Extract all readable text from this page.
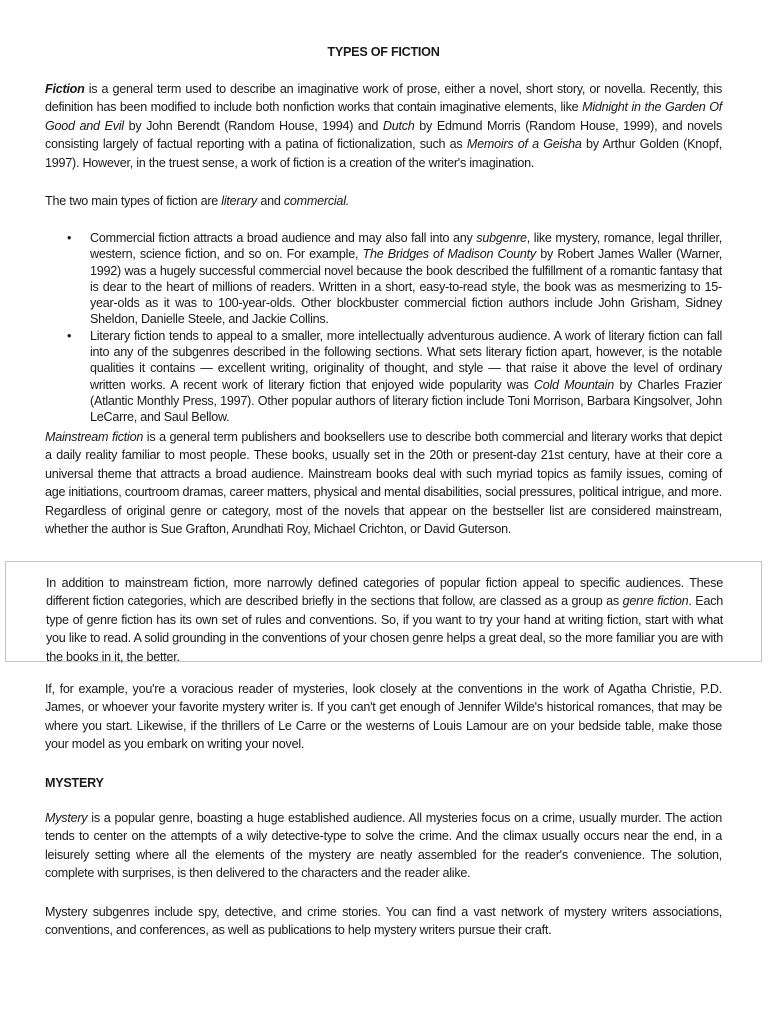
TYPES OF FICTION

Fiction is a general term used to describe an imaginative work of prose, either a novel, short story, or novella. Recently, this definition has been modified to include both nonfiction works that contain imaginative elements, like Midnight in the Garden Of Good and Evil by John Berendt (Random House, 1994) and Dutch by Edmund Morris (Random House, 1999), and novels consisting largely of factual reporting with a patina of fictionalization, such as Memoirs of a Geisha by Arthur Golden (Knopf, 1997). However, in the truest sense, a work of fiction is a creation of the writer's imagination.

The two main types of fiction are literary and commercial.

• Commercial fiction attracts a broad audience and may also fall into any subgenre, like mystery, romance, legal thriller, western, science fiction, and so on. For example, The Bridges of Madison County by Robert James Waller (Warner, 1992) was a hugely successful commercial novel because the book described the fulfillment of a romantic fantasy that is dear to the heart of millions of readers. Written in a short, easy-to-read style, the book was as mesmerizing to 15-year-olds as it was to 100-year-olds. Other blockbuster commercial fiction authors include John Grisham, Sidney Sheldon, Danielle Steele, and Jackie Collins.
• Literary fiction tends to appeal to a smaller, more intellectually adventurous audience. A work of literary fiction can fall into any of the subgenres described in the following sections. What sets literary fiction apart, however, is the notable qualities it contains — excellent writing, originality of thought, and style — that raise it above the level of ordinary written works. A recent work of literary fiction that enjoyed wide popularity was Cold Mountain by Charles Frazier (Atlantic Monthly Press, 1997). Other popular authors of literary fiction include Toni Morrison, Barbara Kingsolver, John LeCarre, and Saul Bellow.

Mainstream fiction is a general term publishers and booksellers use to describe both commercial and literary works that depict a daily reality familiar to most people. These books, usually set in the 20th or present-day 21st century, have at their core a universal theme that attracts a broad audience. Mainstream books deal with such myriad topics as family issues, coming of age initiations, courtroom dramas, career matters, physical and mental disabilities, social pressures, political intrigue, and more. Regardless of original genre or category, most of the novels that appear on the bestseller list are considered mainstream, whether the author is Sue Grafton, Arundhati Roy, Michael Crichton, or David Guterson.

If, for example, you're a voracious reader of mysteries, look closely at the conventions in the work of Agatha Christie, P.D. James, or whoever your favorite mystery writer is. If you can't get enough of Jennifer Wilde's historical romances, that may be where you start. Likewise, if the thrillers of Le Carre or the westerns of Louis Lamour are on your bedside table, make those your model as you embark on writing your novel.

MYSTERY

Mystery is a popular genre, boasting a huge established audience. All mysteries focus on a crime, usually murder. The action tends to center on the attempts of a wily detective-type to solve the crime. And the climax usually occurs near the end, in a leisurely setting where all the elements of the mystery are neatly assembled for the reader's convenience. The solution, complete with surprises, is then delivered to the characters and the reader alike.

Mystery subgenres include spy, detective, and crime stories. You can find a vast network of mystery writers associations, conventions, and conferences, as well as publications to help mystery writers pursue their craft.

In addition to mainstream fiction, more narrowly defined categories of popular fiction appeal to specific audiences. These different fiction categories, which are described briefly in the sections that follow, are classed as a group as genre fiction. Each type of genre fiction has its own set of rules and conventions. So, if you want to try your hand at writing fiction, start with what you like to read. A solid grounding in the conventions of your chosen genre helps a great deal, so the more familiar you are with the books in it, the better.
